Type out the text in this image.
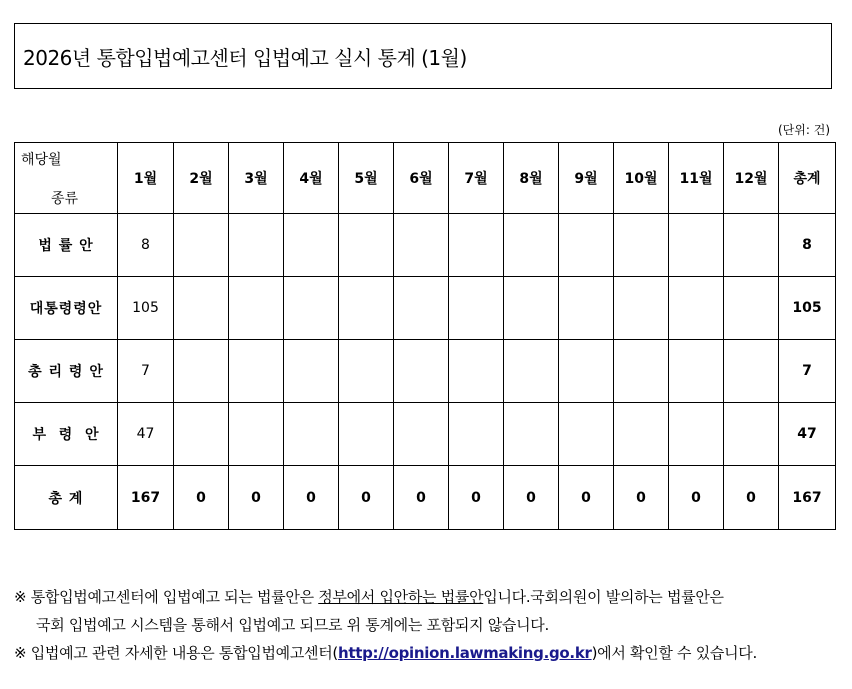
2026년 통합입법예고센터 입법예고 실시 통계 (1월)
(단위: 건)
해당월
종류	1월	2월	3월	4월	5월	6월	7월	8월	9월	10월	11월	12월	총계
법 률 안	8												8
대통령령안	105												105
총 리 령 안	7												7
부  령  안	47												47
총 계	167	0	0	0	0	0	0	0	0	0	0	0	167
※ 통합입법예고센터에 입법예고 되는 법률안은 정부에서 입안하는 법률안입니다.국회의원이 발의하는 법률안은
국회 입법예고 시스템을 통해서 입법예고 되므로 위 통계에는 포함되지 않습니다.
※ 입법예고 관련 자세한 내용은 통합입법예고센터(http://opinion.lawmaking.go.kr)에서 확인할 수 있습니다.
